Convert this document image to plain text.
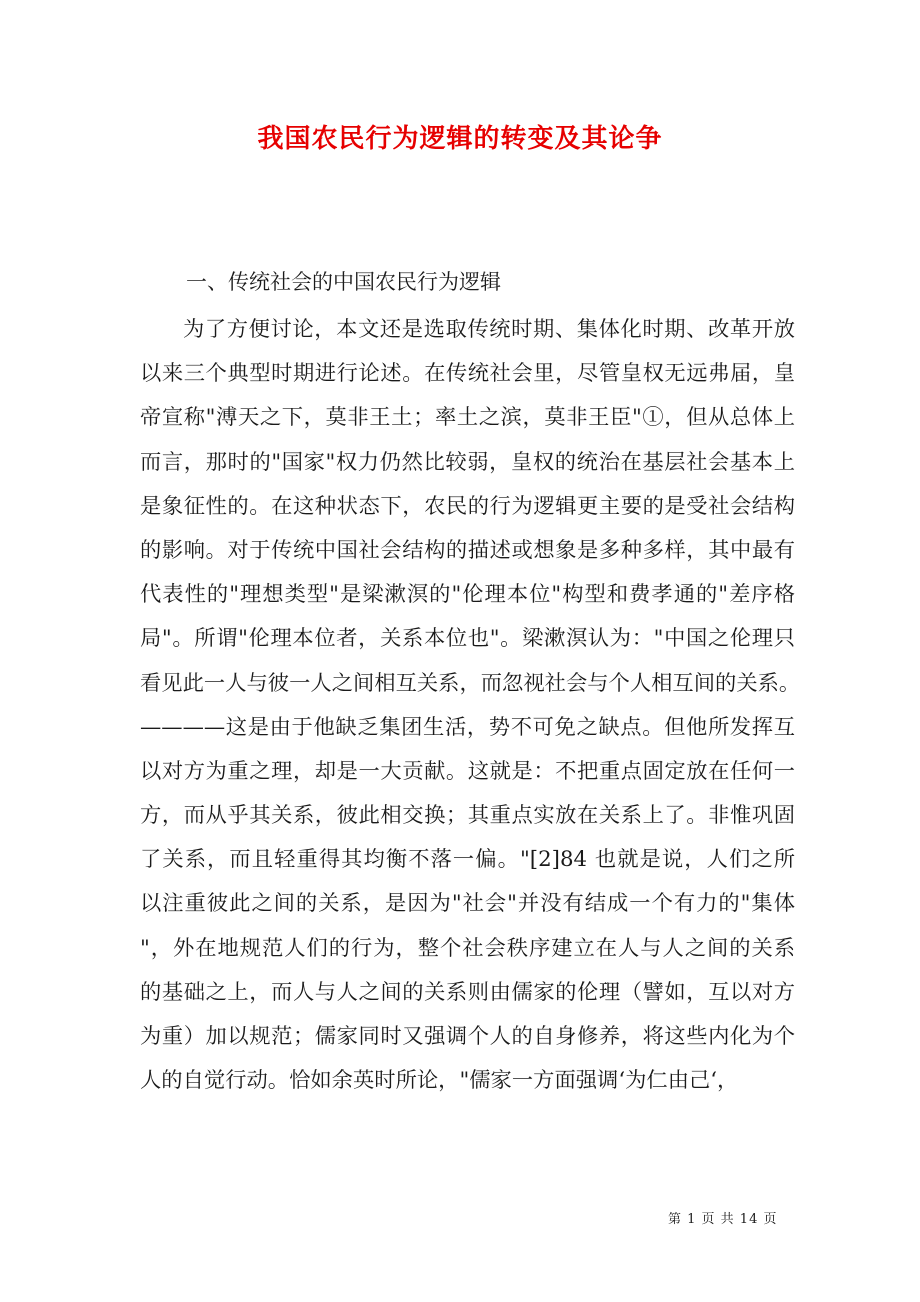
我国农民行为逻辑的转变及其论争

一、传统社会的中国农民行为逻辑

为了方便讨论，本文还是选取传统时期、集体化时期、改革开放
以来三个典型时期进行论述。在传统社会里，尽管皇权无远弗届，皇
帝宣称"溥天之下，莫非王土；率土之滨，莫非王臣"①，但从总体上
而言，那时的"国家"权力仍然比较弱，皇权的统治在基层社会基本上
是象征性的。在这种状态下，农民的行为逻辑更主要的是受社会结构
的影响。对于传统中国社会结构的描述或想象是多种多样，其中最有
代表性的"理想类型"是梁漱溟的"伦理本位"构型和费孝通的"差序格
局"。所谓"伦理本位者，关系本位也"。梁漱溟认为："中国之伦理只
看见此一人与彼一人之间相互关系，而忽视社会与个人相互间的关系。
————这是由于他缺乏集团生活，势不可免之缺点。但他所发挥互
以对方为重之理，却是一大贡献。这就是：不把重点固定放在任何一
方，而从乎其关系，彼此相交换；其重点实放在关系上了。非惟巩固
了关系，而且轻重得其均衡不落一偏。"[2]84 也就是说，人们之所
以注重彼此之间的关系，是因为"社会"并没有结成一个有力的"集体
"，外在地规范人们的行为，整个社会秩序建立在人与人之间的关系
的基础之上，而人与人之间的关系则由儒家的伦理（譬如，互以对方
为重）加以规范；儒家同时又强调个人的自身修养，将这些内化为个
人的自觉行动。恰如余英时所论，"儒家一方面强调‘为仁由己‘，
第 1 页 共 14 页
